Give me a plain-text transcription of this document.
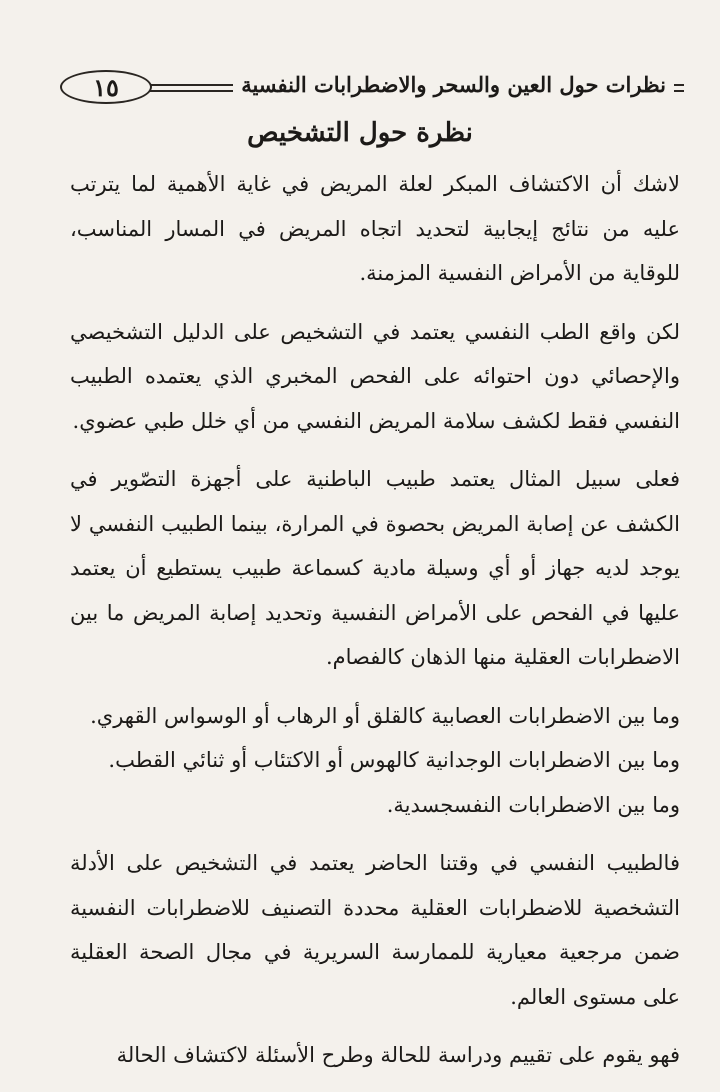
نظرات حول العين والسحر والاضطرابات النفسية
١٥
نظرة حول التشخيص

لاشك أن الاكتشاف المبكر لعلة المريض في غاية الأهمية لما يترتب عليه من نتائج إيجابية لتحديد اتجاه المريض في المسار المناسب، للوقاية من الأمراض النفسية المزمنة.

لكن واقع الطب النفسي يعتمد في التشخيص على الدليل التشخيصي والإحصائي دون احتوائه على الفحص المخبري الذي يعتمده الطبيب النفسي فقط لكشف سلامة المريض النفسي من أي خلل طبي عضوي.

فعلى سبيل المثال يعتمد طبيب الباطنية على أجهزة التصّوير في الكشف عن إصابة المريض بحصوة في المرارة، بينما الطبيب النفسي لا يوجد لديه جهاز أو أي وسيلة مادية كسماعة طبيب يستطيع أن يعتمد عليها في الفحص على الأمراض النفسية وتحديد إصابة المريض ما بين الاضطرابات العقلية منها الذهان كالفصام.

وما بين الاضطرابات العصابية كالقلق أو الرهاب أو الوسواس القهري.

وما بين الاضطرابات الوجدانية كالهوس أو الاكتئاب أو ثنائي القطب.

وما بين الاضطرابات النفسجسدية.

فالطبيب النفسي في وقتنا الحاضر يعتمد في التشخيص على الأدلة التشخصية للاضطرابات العقلية محددة التصنيف للاضطرابات النفسية ضمن مرجعية معيارية للممارسة السريرية في مجال الصحة العقلية على مستوى العالم.

فهو يقوم على تقييم ودراسة للحالة وطرح الأسئلة لاكتشاف الحالة
